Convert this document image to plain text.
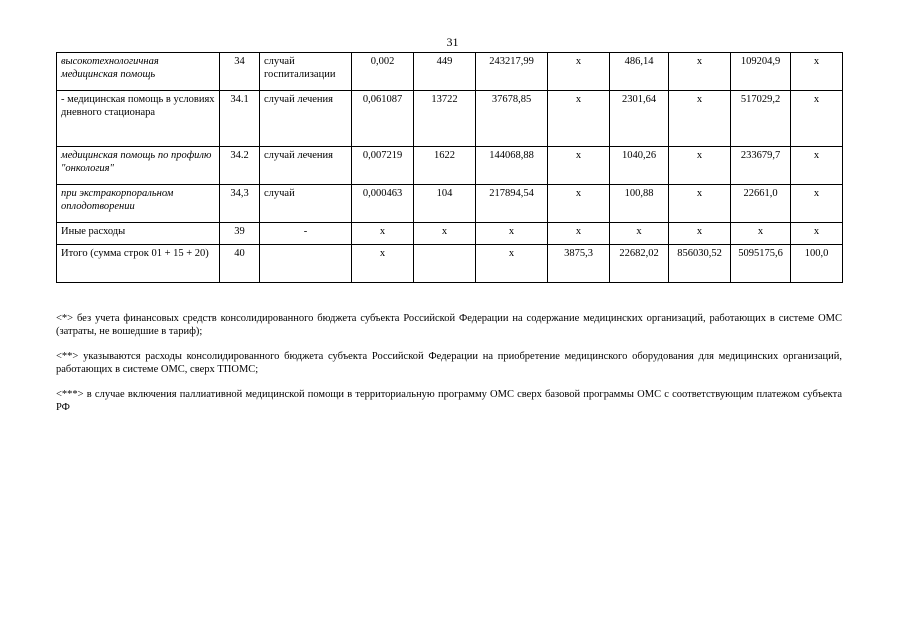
31
высокотехнологичная медицинская помощь	34	случай госпитализации	0,002	449	243217,99	х	486,14	х	109204,9	х
- медицинская помощь в условиях дневного стационара	34.1	случай лечения	0,061087	13722	37678,85	х	2301,64	х	517029,2	х
медицинская помощь по профилю "онкология"	34.2	случай лечения	0,007219	1622	144068,88	х	1040,26	х	233679,7	х
при экстракорпоральном оплодотворении	34,3	случай	0,000463	104	217894,54	х	100,88	х	22661,0	х
Иные расходы	39	-	х	х	х	х	х	х	х	х
Итого (сумма строк 01 + 15 + 20)	40		х		х	3875,3	22682,02	856030,52	5095175,6	100,0

<*> без учета финансовых средств консолидированного бюджета субъекта Российской Федерации на содержание медицинских организаций, работающих в системе ОМС (затраты, не вошедшие в тариф);

<**> указываются расходы консолидированного бюджета субъекта Российской Федерации на приобретение медицинского оборудования для медицинских организаций, работающих в системе ОМС, сверх ТПОМС;

<***> в случае включения паллиативной медицинской помощи в территориальную программу ОМС сверх базовой программы ОМС с соответствующим платежом субъекта РФ
